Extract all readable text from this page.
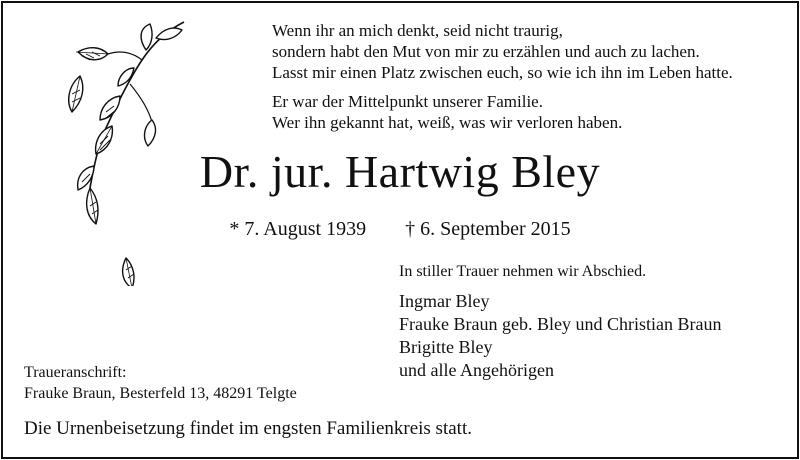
Wenn ihr an mich denkt, seid nicht traurig,
sondern habt den Mut von mir zu erzählen und auch zu lachen.
Lasst mir einen Platz zwischen euch, so wie ich ihn im Leben hatte.
Er war der Mittelpunkt unserer Familie.
Wer ihn gekannt hat, weiß, was wir verloren haben.
Dr. jur. Hartwig Bley
* 7. August 1939 † 6. September 2015
In stiller Trauer nehmen wir Abschied.
Ingmar Bley
Frauke Braun geb. Bley und Christian Braun
Brigitte Bley
und alle Angehörigen
Traueranschrift:
Frauke Braun, Besterfeld 13, 48291 Telgte
Die Urnenbeisetzung findet im engsten Familienkreis statt.
